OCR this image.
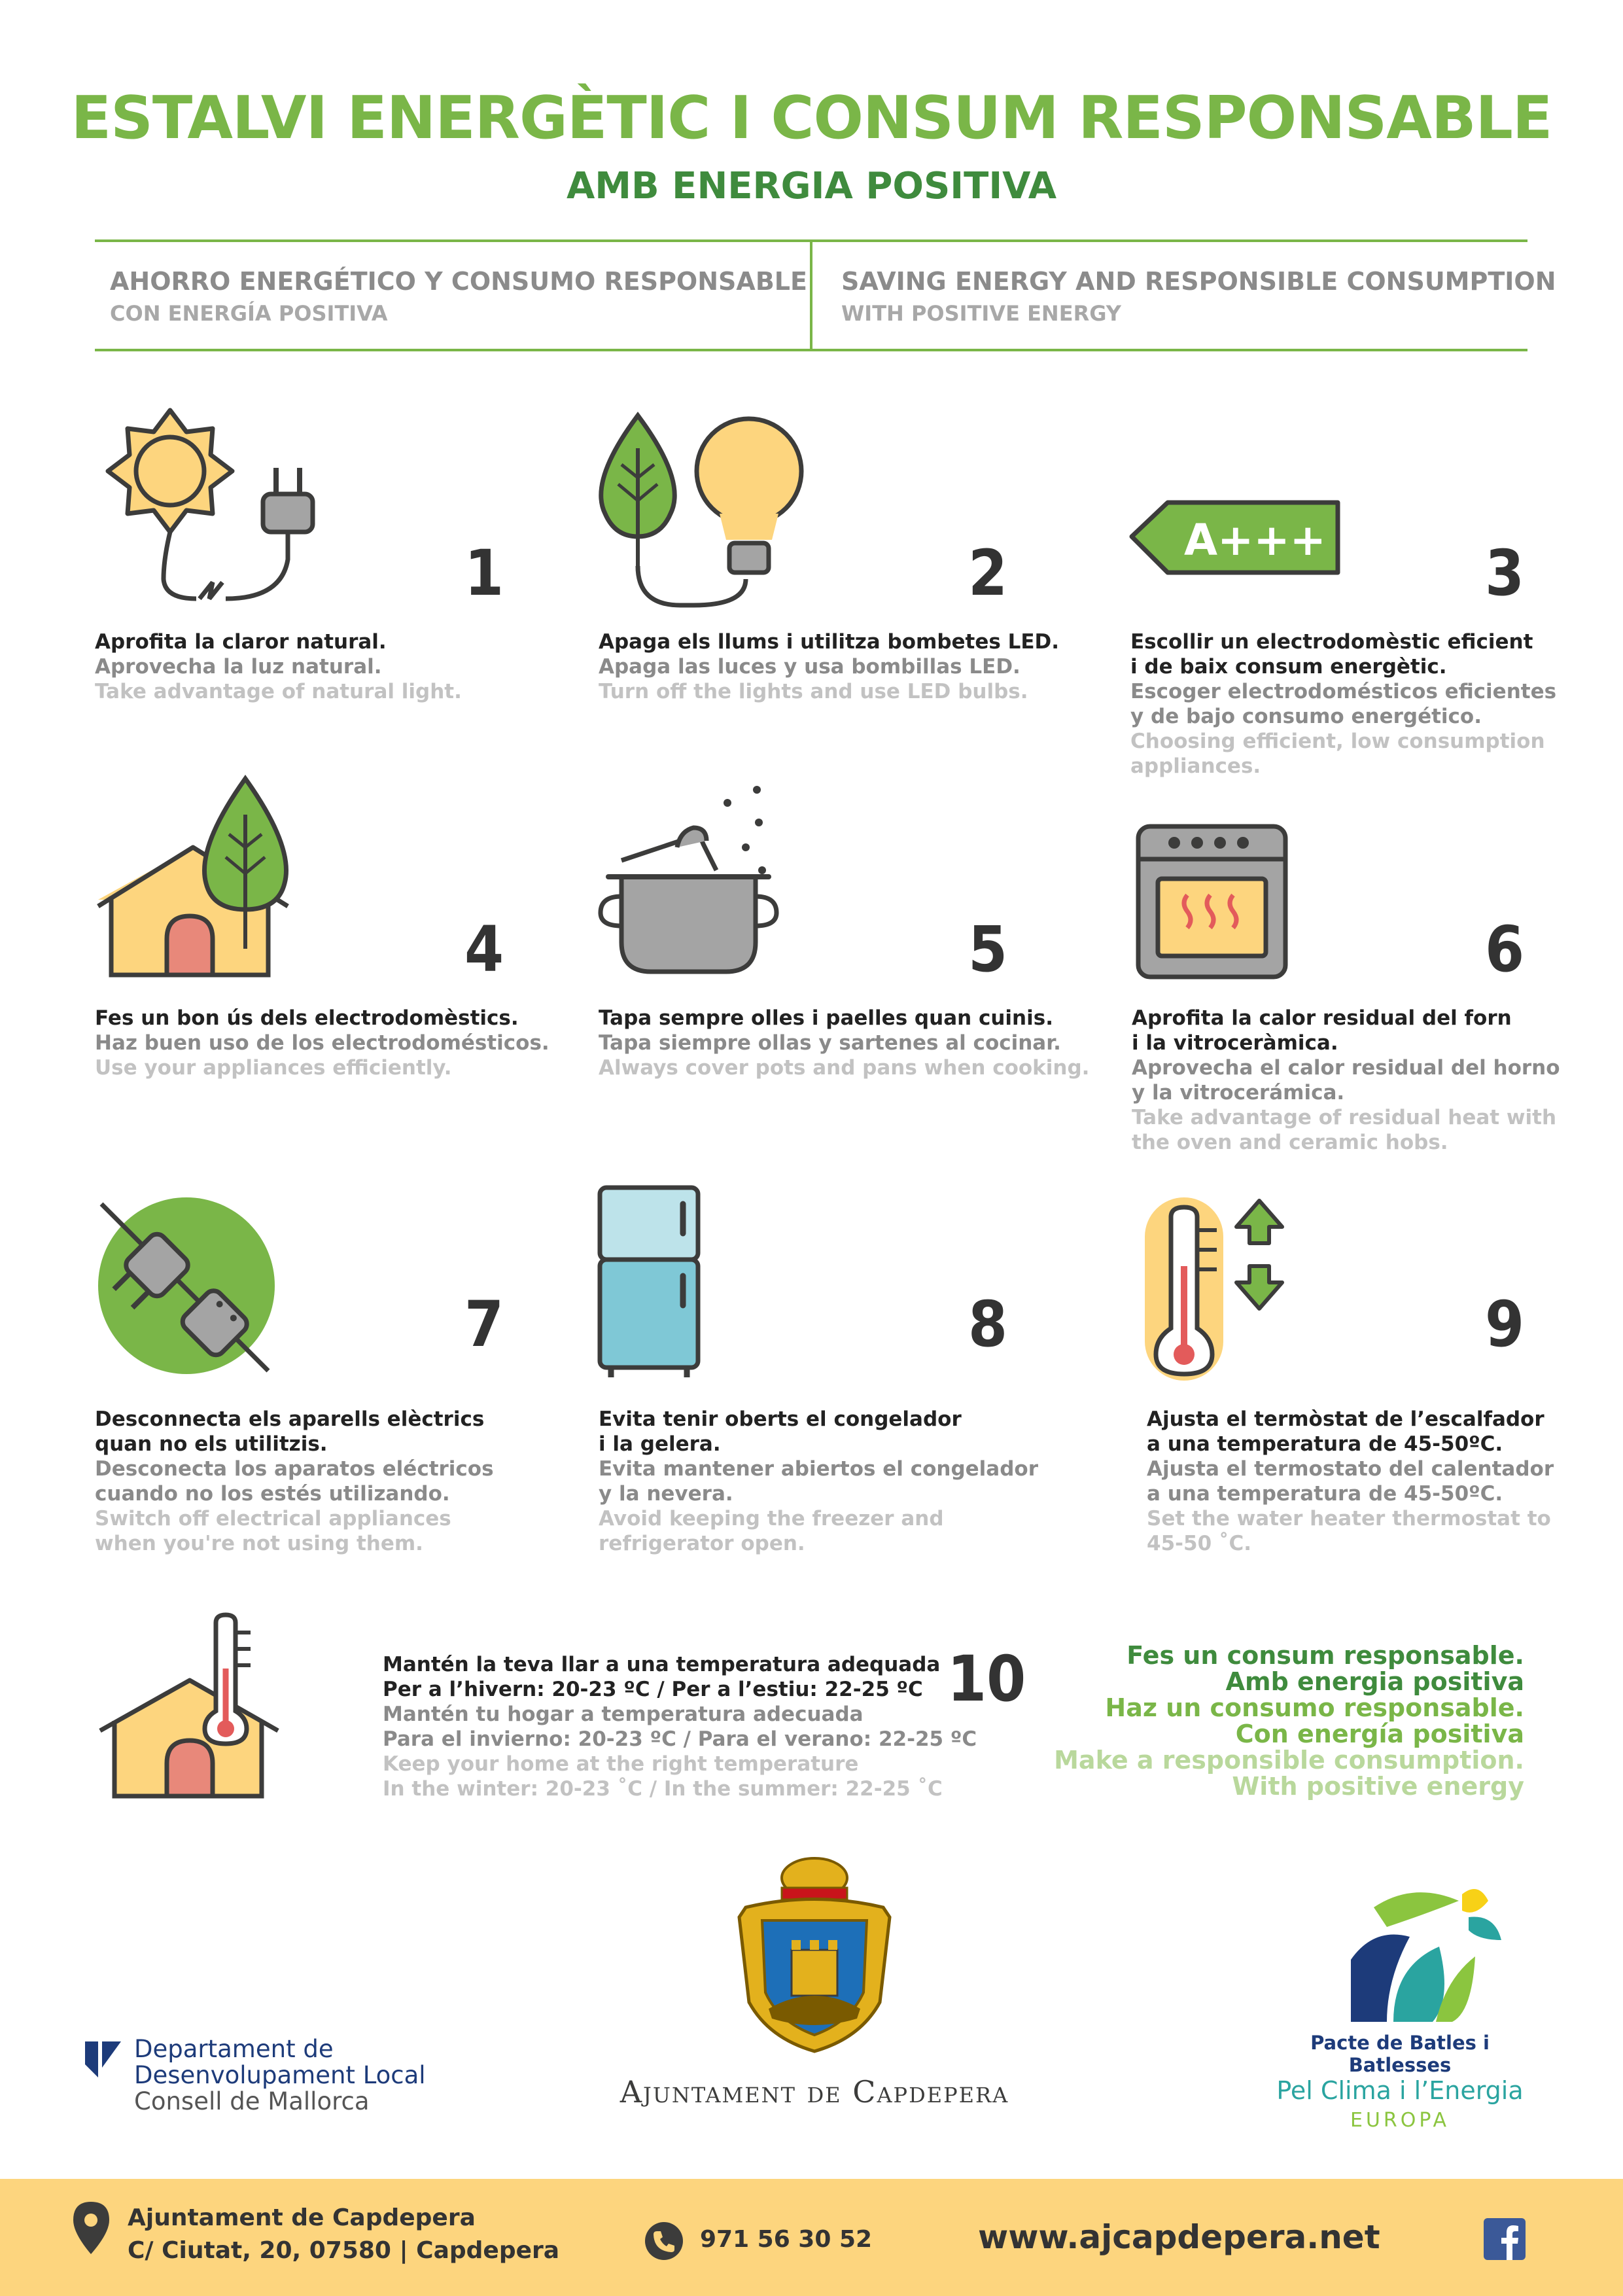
ESTALVI ENERGÈTIC I CONSUM RESPONSABLE
AMB ENERGIA POSITIVA
AHORRO ENERGÉTICO Y CONSUMO RESPONSABLE
CON ENERGÍA POSITIVA
SAVING ENERGY AND RESPONSIBLE CONSUMPTION
WITH POSITIVE ENERGY
1
Aprofita la claror natural.
Aprovecha la luz natural.
Take advantage of natural light.
2
Apaga els llums i utilitza bombetes LED.
Apaga las luces y usa bombillas LED.
Turn off the lights and use LED bulbs.
A+++	3
Escollir un electrodomèstic eficient
i de baix consum energètic.
Escoger electrodomésticos eficientes
y de bajo consumo energético.
Choosing efficient, low consumption
appliances.
4
Fes un bon ús dels electrodomèstics.
Haz buen uso de los electrodomésticos.
Use your appliances efficiently.
5
Tapa sempre olles i paelles quan cuinis.
Tapa siempre ollas y sartenes al cocinar.
Always cover pots and pans when cooking.
6
Aprofita la calor residual del forn
i la vitroceràmica.
Aprovecha el calor residual del horno
y la vitrocerámica.
Take advantage of residual heat with
the oven and ceramic hobs.
7
Desconnecta els aparells elèctrics
quan no els utilitzis.
Desconecta los aparatos eléctricos
cuando no los estés utilizando.
Switch off electrical appliances
when you're not using them.
8
Evita tenir oberts el congelador
i la gelera.
Evita mantener abiertos el congelador
y la nevera.
Avoid keeping the freezer and
refrigerator open.
9
Ajusta el termòstat de l’escalfador
a una temperatura de 45-50ºC.
Ajusta el termostato del calentador
a una temperatura de 45-50ºC.
Set the water heater thermostat to
45-50 ˚C.
Mantén la teva llar a una temperatura adequada
Per a l’hivern: 20-23 ºC / Per a l’estiu: 22-25 ºC
Mantén tu hogar a temperatura adecuada
Para el invierno: 20-23 ºC / Para el verano: 22-25 ºC
Keep your home at the right temperature
In the winter: 20-23 ˚C / In the summer: 22-25 ˚C
10	Fes un consum responsable.
Amb energia positiva
Haz un consumo responsable.
Con energía positiva
Make a responsible consumption.
With positive energy
Departament de
Desenvolupament Local
Consell de Mallorca	Ajuntament de Capdepera
Pacte de Batles i Batlesses
Pel Clima i l’Energia
EUROPA
Ajuntament de Capdepera
C/ Ciutat, 20, 07580 | Capdepera	971 56 30 52	www.ajcapdepera.net
